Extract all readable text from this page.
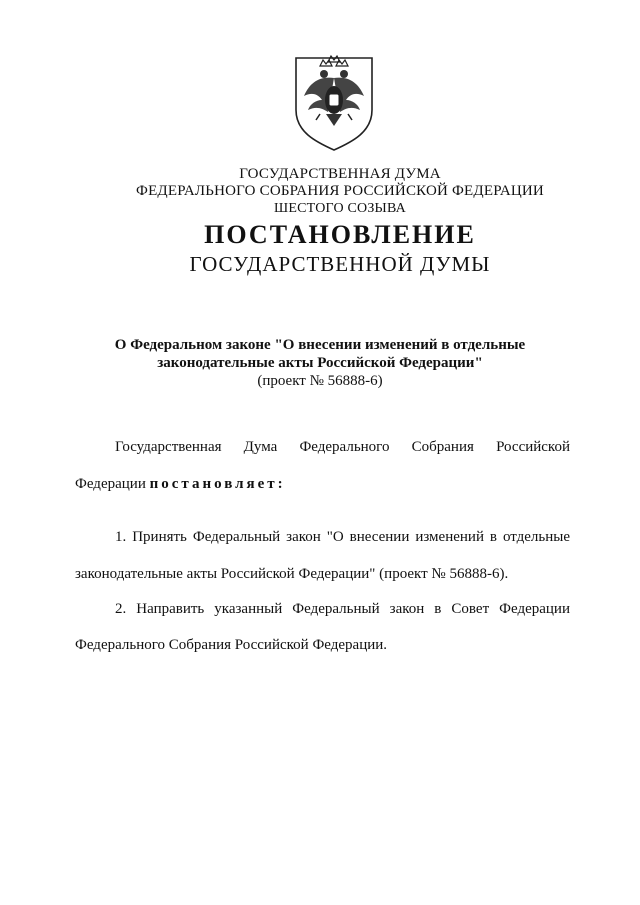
ГОСУДАРСТВЕННАЯ ДУМА
ФЕДЕРАЛЬНОГО СОБРАНИЯ РОССИЙСКОЙ ФЕДЕРАЦИИ
ШЕСТОГО СОЗЫВА
ПОСТАНОВЛЕНИЕ
ГОСУДАРСТВЕННОЙ ДУМЫ
О Федеральном законе "О внесении изменений в отдельные
законодательные акты Российской Федерации"
(проект № 56888-6)
Государственная Дума Федерального Собрания Российской
Федерации постановляет:
1. Принять Федеральный закон "О внесении изменений в отдельные
законодательные акты Российской Федерации" (проект № 56888-6).
2. Направить указанный Федеральный закон в Совет Федерации
Федерального Собрания Российской Федерации.
